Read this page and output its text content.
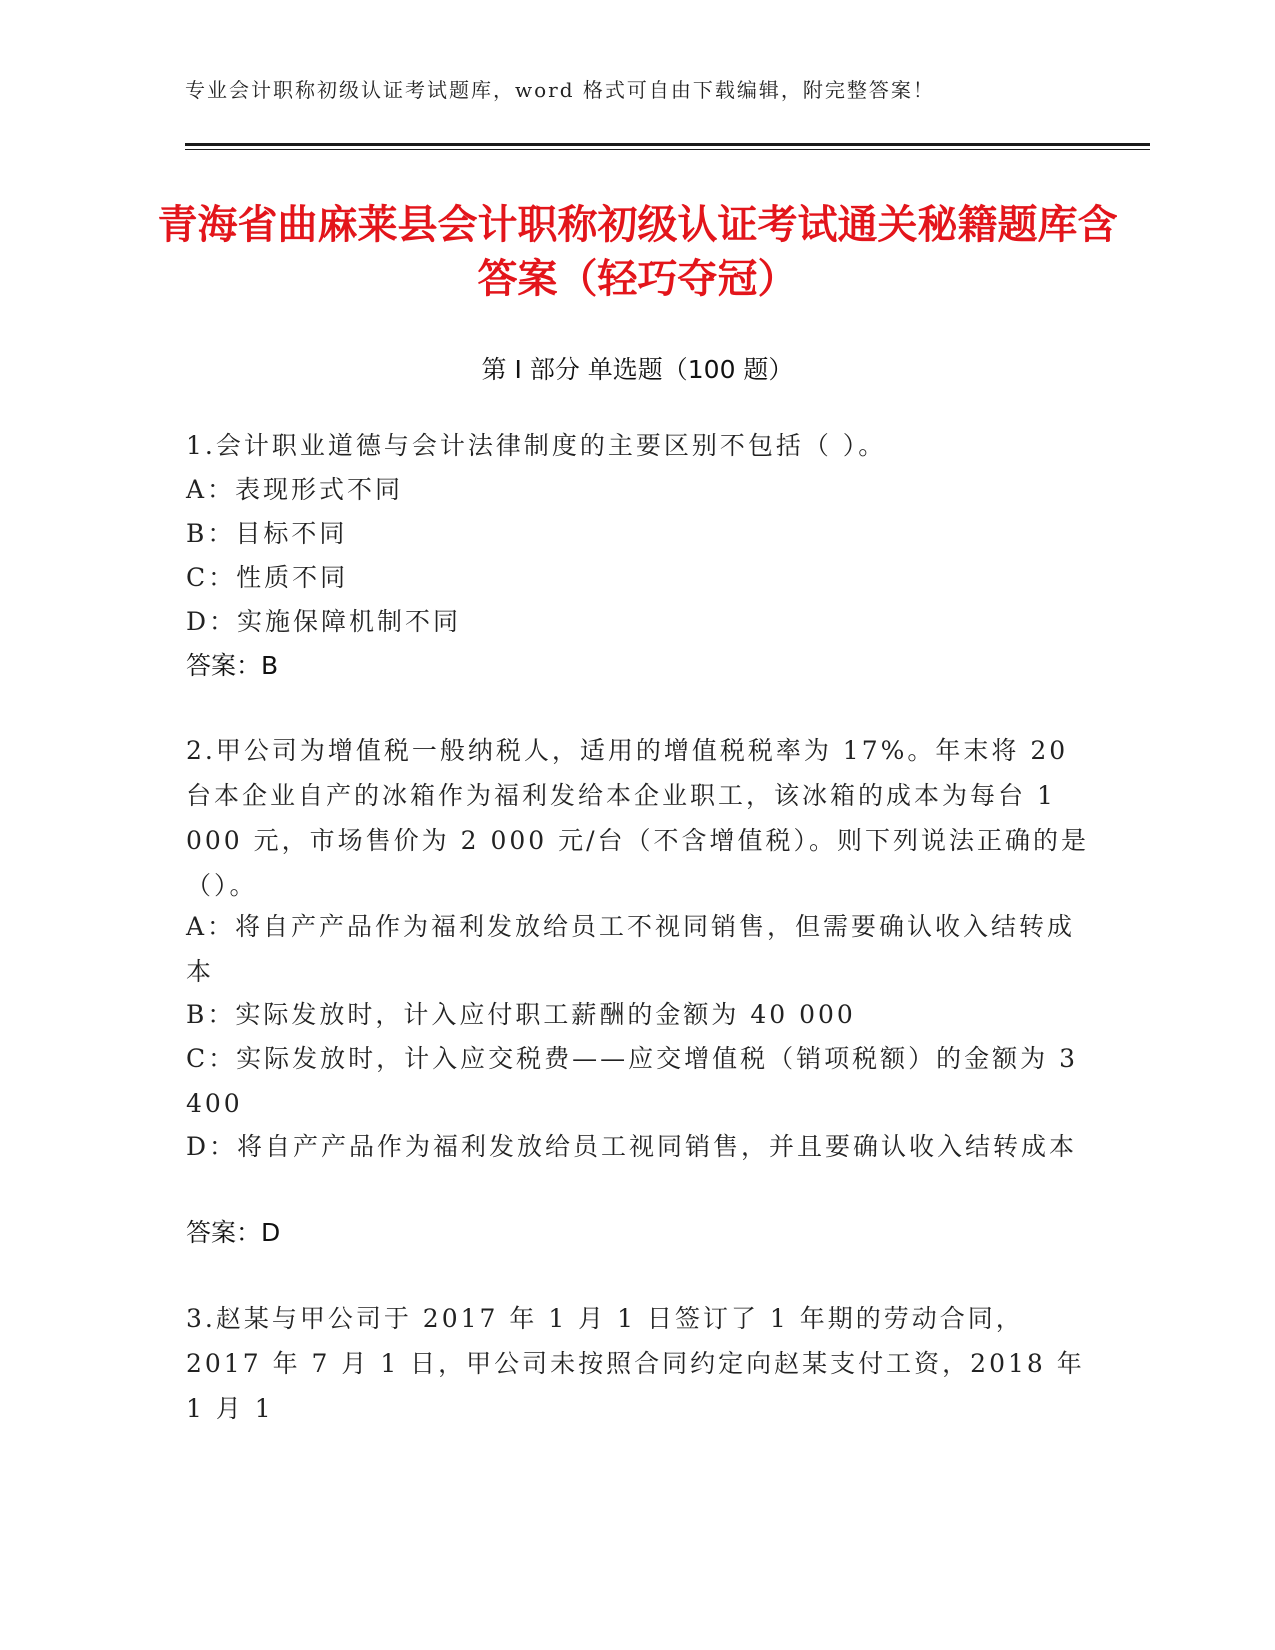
专业会计职称初级认证考试题库，word 格式可自由下载编辑，附完整答案！
青海省曲麻莱县会计职称初级认证考试通关秘籍题库含答案（轻巧夺冠）
第 I 部分 单选题（100 题）
1.会计职业道德与会计法律制度的主要区别不包括（ ）。
A：表现形式不同
B：目标不同
C：性质不同
D：实施保障机制不同
答案：B
2.甲公司为增值税一般纳税人，适用的增值税税率为 17%。年末将 20 台本企业自产的冰箱作为福利发给本企业职工，该冰箱的成本为每台 1 000 元，市场售价为 2 000 元/台（不含增值税）。则下列说法正确的是（）。
A：将自产产品作为福利发放给员工不视同销售，但需要确认收入结转成本
B：实际发放时，计入应付职工薪酬的金额为 40 000
C：实际发放时，计入应交税费——应交增值税（销项税额）的金额为 3 400
D：将自产产品作为福利发放给员工视同销售，并且要确认收入结转成本
答案：D
3.赵某与甲公司于 2017 年 1 月 1 日签订了 1 年期的劳动合同，2017 年 7 月 1 日，甲公司未按照合同约定向赵某支付工资，2018 年 1 月 1
